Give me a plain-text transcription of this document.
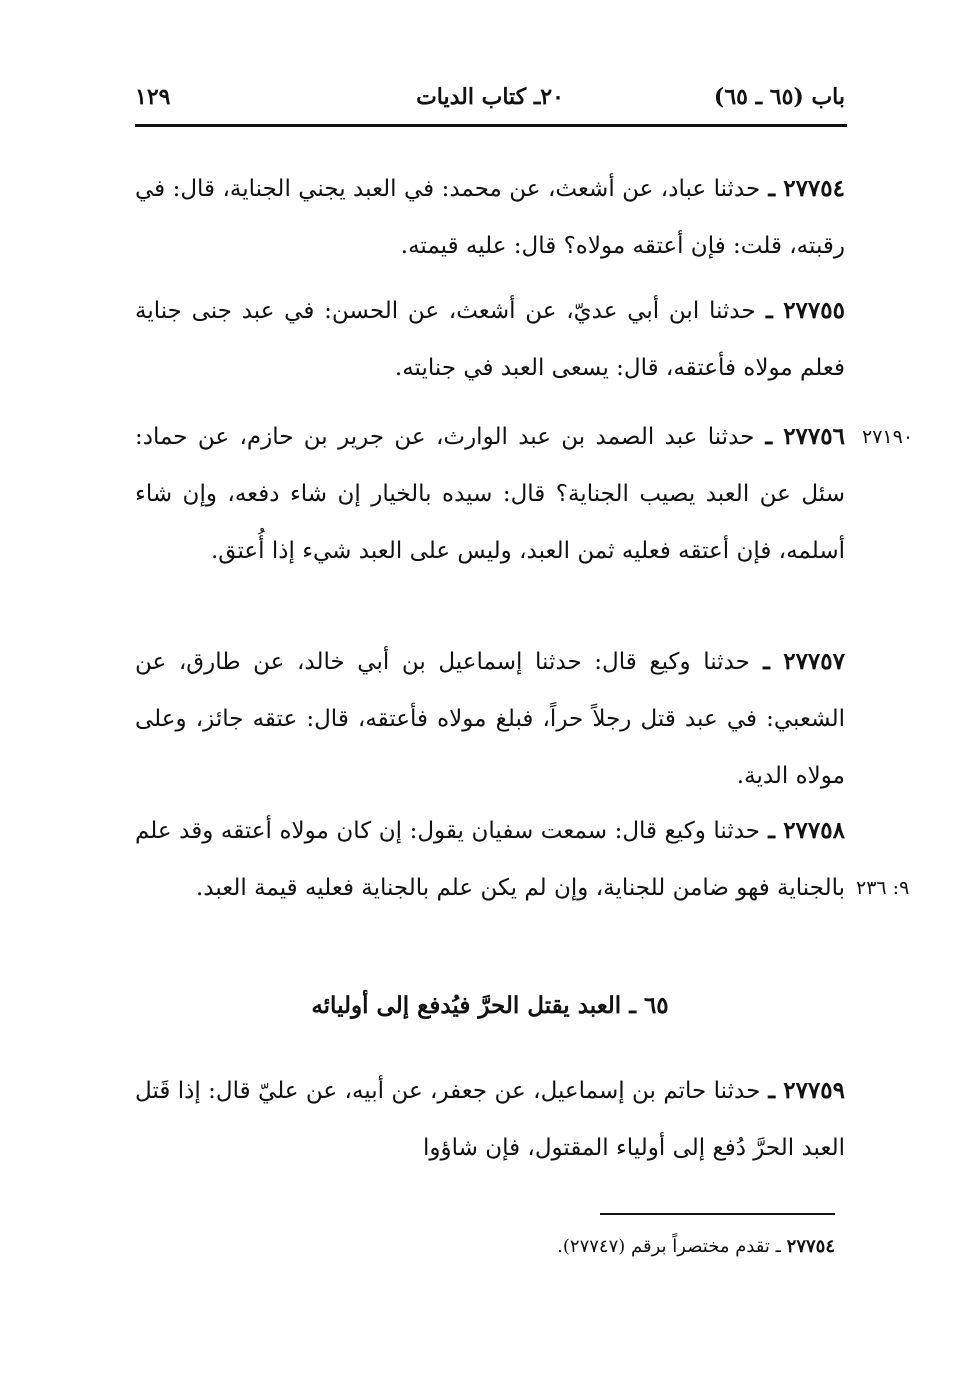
باب (٦٥ ـ ٦٥)
٢٠ـ كتاب الديات
١٢٩
٢٧٧٥٤ ـ حدثنا عباد، عن أشعث، عن محمد: في العبد يجني الجناية، قال: في رقبته، قلت: فإن أعتقه مولاه؟ قال: عليه قيمته.
٢٧٧٥٥ ـ حدثنا ابن أبي عديّ، عن أشعث، عن الحسن: في عبد جنى جناية فعلم مولاه فأعتقه، قال: يسعى العبد في جنايته.
٢٧٧٥٦ ـ حدثنا عبد الصمد بن عبد الوارث، عن جرير بن حازم، عن حماد: سئل عن العبد يصيب الجناية؟ قال: سيده بالخيار إن شاء دفعه، وإن شاء أسلمه، فإن أعتقه فعليه ثمن العبد، وليس على العبد شيء إذا أُعتق.
٢٧١٩٠
٢٧٧٥٧ ـ حدثنا وكيع قال: حدثنا إسماعيل بن أبي خالد، عن طارق، عن الشعبي: في عبد قتل رجلاً حراً، فبلغ مولاه فأعتقه، قال: عتقه جائز، وعلى مولاه الدية.
٢٧٧٥٨ ـ حدثنا وكيع قال: سمعت سفيان يقول: إن كان مولاه أعتقه وقد علم بالجناية فهو ضامن للجناية، وإن لم يكن علم بالجناية فعليه قيمة العبد. ٩: ٢٣٦
٦٥ ـ العبد يقتل الحرَّ فيُدفع إلى أوليائه
٢٧٧٥٩ ـ حدثنا حاتم بن إسماعيل، عن جعفر، عن أبيه، عن عليّ قال: إذا قَتل العبد الحرَّ دُفع إلى أولياء المقتول، فإن شاؤوا
٢٧٧٥٤ ـ تقدم مختصراً برقم (٢٧٧٤٧).
